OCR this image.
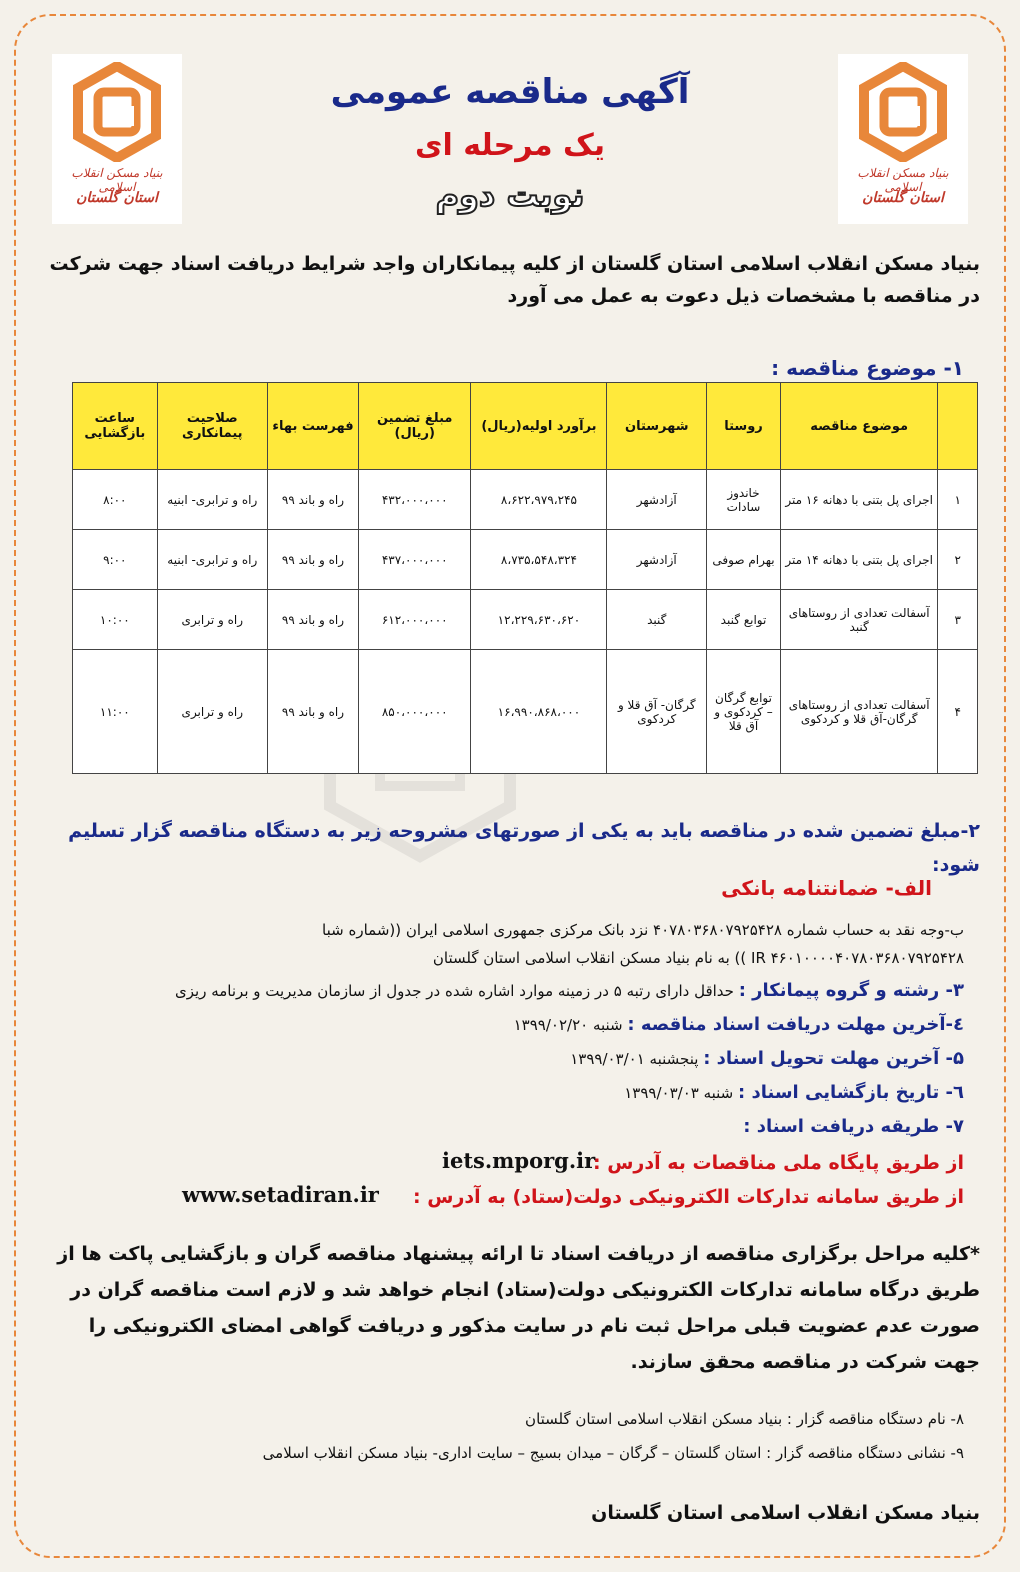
بنیاد مسکن انقلاب اسلامی
استان گلستان
بنیاد مسکن انقلاب اسلامی
استان گلستان
آگهی مناقصه عمومی
یک مرحله ای
نوبت دوم
بنیاد مسکن انقلاب اسلامی استان گلستان از کلیه پیمانکاران واجد شرایط دریافت اسناد جهت شرکت در مناقصه با مشخصات ذیل دعوت به عمل می آورد
۱- موضوع مناقصه :
	موضوع مناقصه	روستا	شهرستان	برآورد اولیه(ریال)	مبلغ تضمین (ریال)	فهرست بهاء	صلاحیت پیمانکاری	ساعت بازگشایی
۱	اجرای پل بتنی با دهانه ۱۶ متر	خاندوز سادات	آزادشهر	۸،۶۲۲،۹۷۹،۲۴۵	۴۳۲،۰۰۰،۰۰۰	راه و باند ۹۹	راه و ترابری- ابنیه	۸:۰۰
۲	اجرای پل بتنی با دهانه ۱۴ متر	بهرام صوفی	آزادشهر	۸،۷۳۵،۵۴۸،۳۲۴	۴۳۷،۰۰۰،۰۰۰	راه و باند ۹۹	راه و ترابری- ابنیه	۹:۰۰
۳	آسفالت تعدادی از روستاهای گنبد	توابع گنبد	گنبد	۱۲،۲۲۹،۶۳۰،۶۲۰	۶۱۲،۰۰۰،۰۰۰	راه و باند ۹۹	راه و ترابری	۱۰:۰۰
۴	آسفالت تعدادی از روستاهای گرگان-آق قلا و کردکوی	توابع گرگان – کردکوی و آق قلا	گرگان- آق قلا و کردکوی	۱۶،۹۹۰،۸۶۸،۰۰۰	۸۵۰،۰۰۰،۰۰۰	راه و باند ۹۹	راه و ترابری	۱۱:۰۰
۲-مبلغ تضمین شده در مناقصه باید به یکی از صورتهای مشروحه زیر به دستگاه مناقصه گزار تسلیم شود:
الف- ضمانتنامه بانکی
ب-وجه نقد به حساب شماره ۴۰۷۸۰۳۶۸۰۷۹۲۵۴۲۸ نزد بانک مرکزی جمهوری اسلامی ایران ((شماره شبا
IR ۴۶۰۱۰۰۰۰۴۰۷۸۰۳۶۸۰۷۹۲۵۴۲۸ )) به نام بنیاد مسکن انقلاب اسلامی استان گلستان
۳- رشته و گروه پیمانکار : حداقل دارای رتبه ۵ در زمینه موارد اشاره شده در جدول از سازمان مدیریت و برنامه ریزی
٤-آخرین مهلت دریافت اسناد مناقصه : شنبه ۱۳۹۹/۰۲/۲۰
۵- آخرین مهلت تحویل اسناد : پنجشنبه ۱۳۹۹/۰۳/۰۱
٦- تاریخ بازگشایی اسناد : شنبه ۱۳۹۹/۰۳/۰۳
۷- طریقه دریافت اسناد :
از طریق پایگاه ملی مناقصات به آدرس :
iets.mporg.ir
از طریق سامانه تدارکات الکترونیکی دولت(ستاد) به آدرس :
www.setadiran.ir
*کلیه مراحل برگزاری مناقصه از دریافت اسناد تا ارائه پیشنهاد مناقصه گران و بازگشایی پاکت ها از طریق درگاه سامانه تدارکات الکترونیکی دولت(ستاد) انجام خواهد شد و لازم است مناقصه گران در صورت عدم عضویت قبلی مراحل ثبت نام در سایت مذکور و دریافت گواهی امضای الکترونیکی را جهت شرکت در مناقصه محقق سازند.
۸- نام دستگاه مناقصه گزار : بنیاد مسکن انقلاب اسلامی استان گلستان
۹- نشانی دستگاه مناقصه گزار : استان گلستان – گرگان – میدان بسیج – سایت اداری- بنیاد مسکن انقلاب اسلامی
بنیاد مسکن انقلاب اسلامی استان گلستان
